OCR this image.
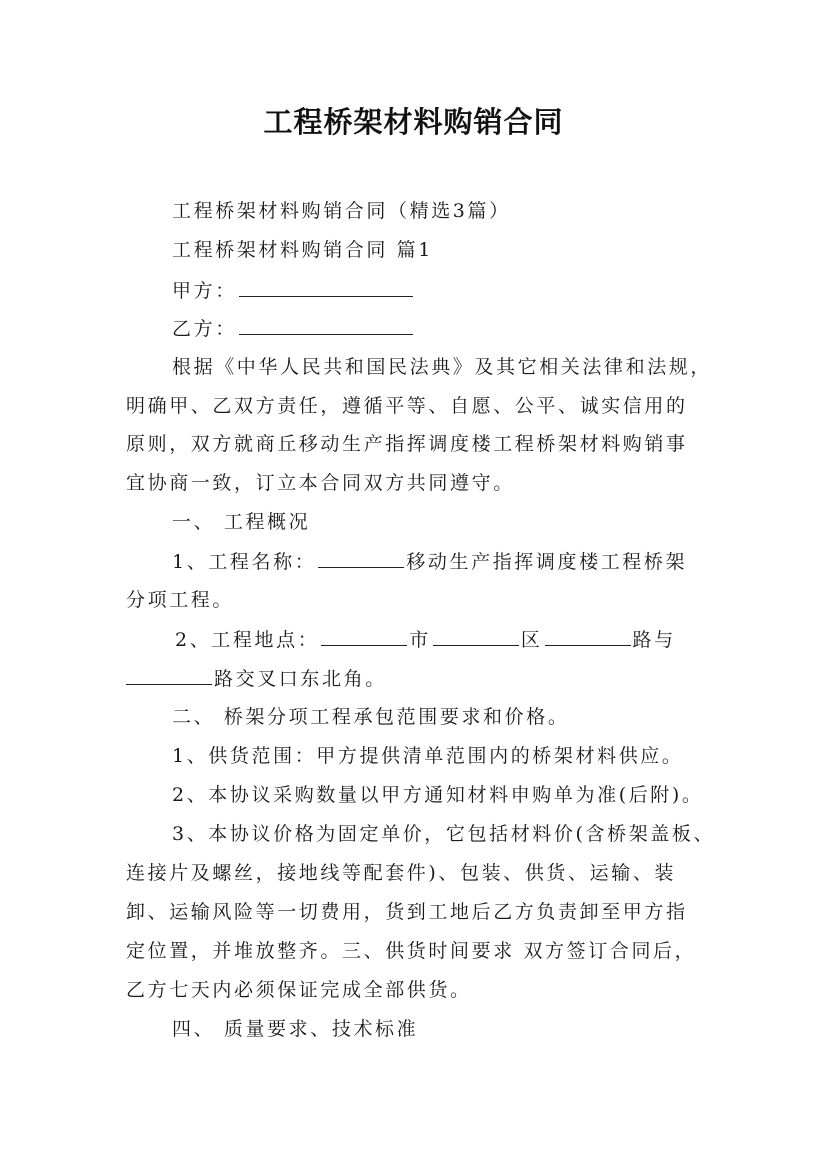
工程桥架材料购销合同
工程桥架材料购销合同（精选3篇）
工程桥架材料购销合同 篇1
甲方：
乙方：
根据《中华人民共和国民法典》及其它相关法律和法规，
明确甲、乙双方责任，遵循平等、自愿、公平、诚实信用的
原则，双方就商丘移动生产指挥调度楼工程桥架材料购销事
宜协商一致，订立本合同双方共同遵守。
一、 工程概况
1、工程名称：	移动生产指挥调度楼工程桥架
分项工程。
2、工程地点：	市	区	路与
路交叉口东北角。
二、 桥架分项工程承包范围要求和价格。
1、供货范围：甲方提供清单范围内的桥架材料供应。
2、本协议采购数量以甲方通知材料申购单为准(后附)。
3、本协议价格为固定单价，它包括材料价(含桥架盖板、
连接片及螺丝，接地线等配套件)、包装、供货、运输、装
卸、运输风险等一切费用，货到工地后乙方负责卸至甲方指
定位置，并堆放整齐。三、供货时间要求 双方签订合同后，
乙方七天内必须保证完成全部供货。
四、 质量要求、技术标准
